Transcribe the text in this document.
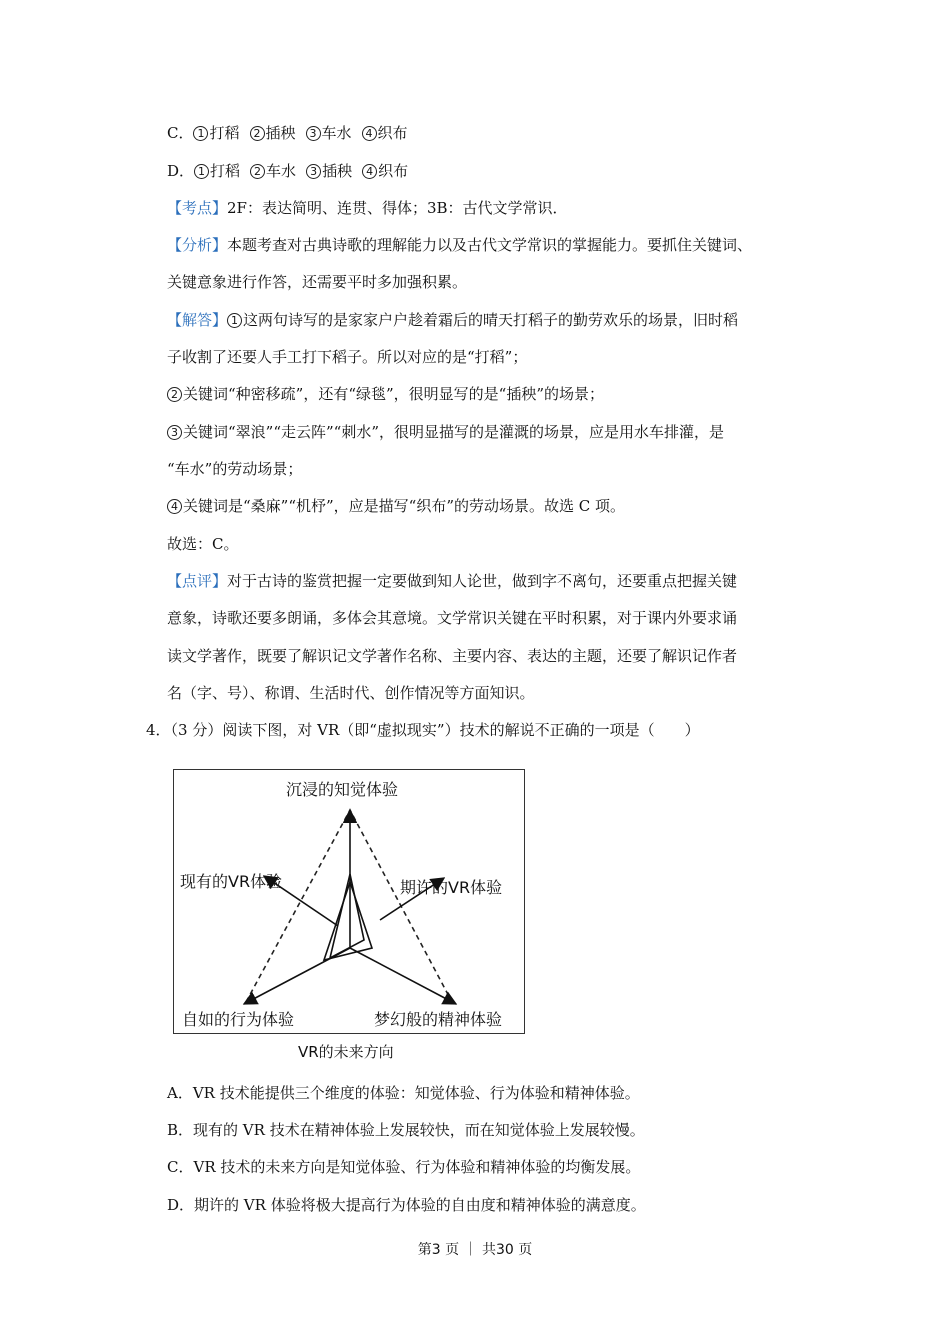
C． 1 打稻 2 插秧 3 车水 4 织布
D． 1 打稻 2 车水 3 插秧 4 织布
【考点】2F：表达简明、连贯、得体；3B：古代文学常识．
【分析】本题考查对古典诗歌的理解能力以及古代文学常识的掌握能力。要抓住关键词、
关键意象进行作答，还需要平时多加强积累。
【解答】 1 这两句诗写的是家家户户趁着霜后的晴天打稻子的勤劳欢乐的场景，旧时稻
子收割了还要人手工打下稻子。所以对应的是“打稻”；
2 关键词“种密移疏”，还有“绿毯”，很明显写的是“插秧”的场景；
3 关键词“翠浪”“走云阵”“刺水”，很明显描写的是灌溉的场景，应是用水车排灌，是
“车水”的劳动场景；
4 关键词是“桑麻”“机杼”，应是描写“织布”的劳动场景。故选 C 项。
故选：C。
【点评】对于古诗的鉴赏把握一定要做到知人论世，做到字不离句，还要重点把握关键
意象，诗歌还要多朗诵，多体会其意境。文学常识关键在平时积累，对于课内外要求诵
读文学著作，既要了解识记文学著作名称、主要内容、表达的主题，还要了解识记作者
名（字、号）、称谓、生活时代、创作情况等方面知识。
4．（3 分）阅读下图，对 VR（即“虚拟现实”）技术的解说不正确的一项是（　　）
沉浸的知觉体验
现有的VR体验	期许的VR体验
自如的行为体验	梦幻般的精神体验
VR的未来方向
A．VR 技术能提供三个维度的体验：知觉体验、行为体验和精神体验。
B．现有的 VR 技术在精神体验上发展较快，而在知觉体验上发展较慢。
C．VR 技术的未来方向是知觉体验、行为体验和精神体验的均衡发展。
D．期许的 VR 体验将极大提高行为体验的自由度和精神体验的满意度。
第3 页 ｜ 共30 页
